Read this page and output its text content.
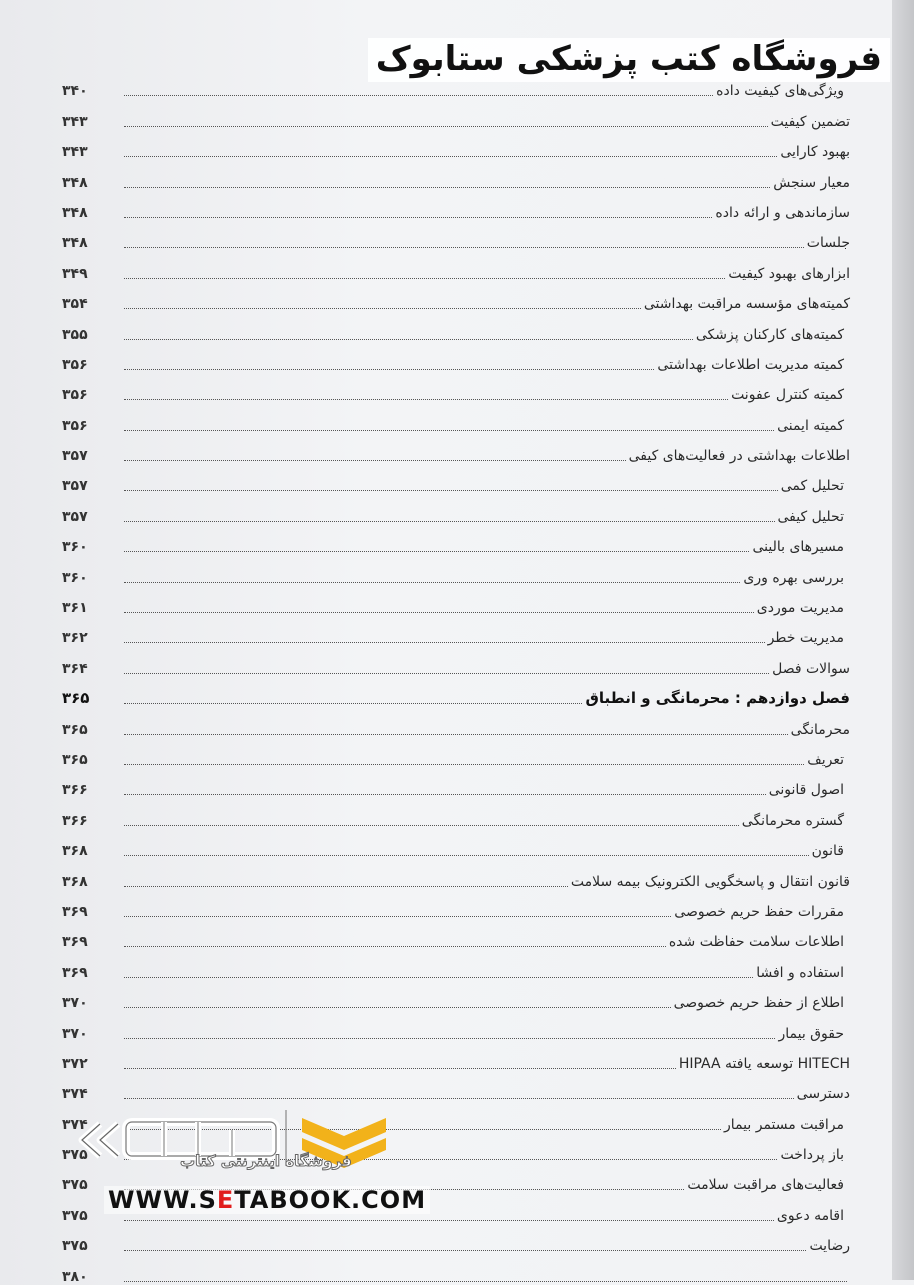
ویژگی‌های کیفیت داده
۳۴۰
تضمین کیفیت
۳۴۳
بهبود کارایی
۳۴۳
معیار سنجش
۳۴۸
سازماندهی و ارائه داده
۳۴۸
جلسات
۳۴۸
ابزارهای بهبود کیفیت
۳۴۹
کمیته‌های مؤسسه مراقبت بهداشتی
۳۵۴
کمیته‌های کارکنان پزشکی
۳۵۵
کمیته مدیریت اطلاعات بهداشتی
۳۵۶
کمیته کنترل عفونت
۳۵۶
کمیته ایمنی
۳۵۶
اطلاعات بهداشتی در فعالیت‌های کیفی
۳۵۷
تحلیل کمی
۳۵۷
تحلیل کیفی
۳۵۷
مسیرهای بالینی
۳۶۰
بررسی بهره وری
۳۶۰
مدیریت موردی
۳۶۱
مدیریت خطر
۳۶۲
سوالات فصل
۳۶۴
فصل دوازدهم : محرمانگی و انطباق
۳۶۵
محرمانگی
۳۶۵
تعریف
۳۶۵
اصول قانونی
۳۶۶
گستره محرمانگی
۳۶۶
قانون
۳۶۸
قانون انتقال و پاسخگویی الکترونیک بیمه سلامت
۳۶۸
مقررات حفظ حریم خصوصی
۳۶۹
اطلاعات سلامت حفاظت شده
۳۶۹
استفاده و افشا
۳۶۹
اطلاع از حفظ حریم خصوصی
۳۷۰
حقوق بیمار
۳۷۰
HITECH توسعه یافته HIPAA
۳۷۲
دسترسی
۳۷۴
مراقبت مستمر بیمار
۳۷۴
باز پرداخت
۳۷۵
فعالیت‌های مراقبت سلامت
۳۷۵
اقامه دعوی
۳۷۵
رضایت
۳۷۵
۳۸۰
فروشگاه کتب پزشکی ستابوک
فروشگاه اینترنتی کتاب
WWW.SETABOOK.COM
